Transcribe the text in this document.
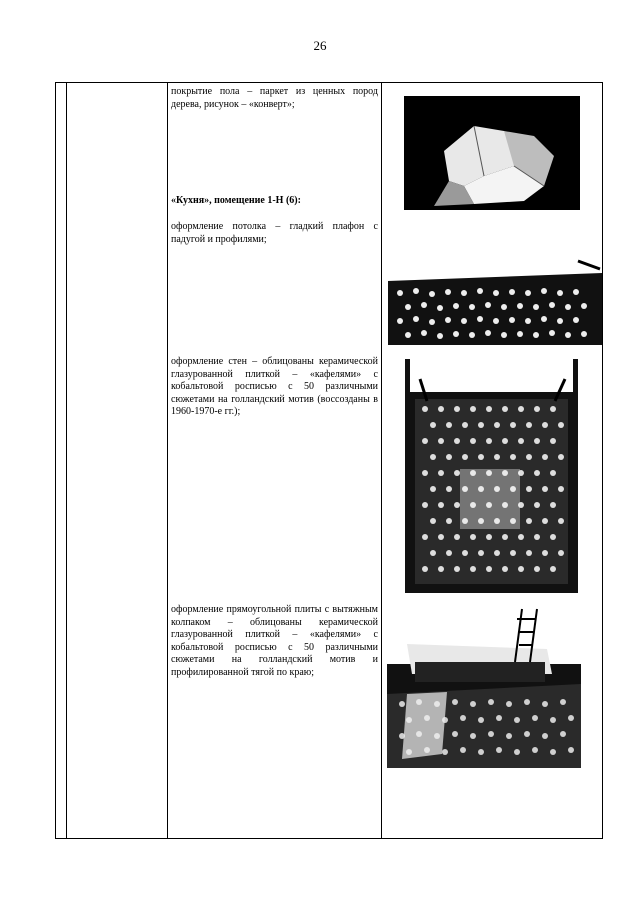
26
покрытие пола – паркет из ценных пород дерева, рисунок – «конверт»;
«Кухня», помещение 1-Н (6):
оформление потолка – гладкий плафон с падугой и профилями;
оформление стен – облицованы керамической глазурованной плиткой – «кафелями» с кобальтовой росписью с 50 различными сюжетами на голландский мотив (воссозданы в 1960-1970-е гг.);
оформление прямоугольной плиты с вытяжным колпаком – облицованы керамической глазурованной плиткой – «кафелями» с кобальтовой росписью с 50 различными сюжетами на голландский мотив и профилированной тягой по краю;
